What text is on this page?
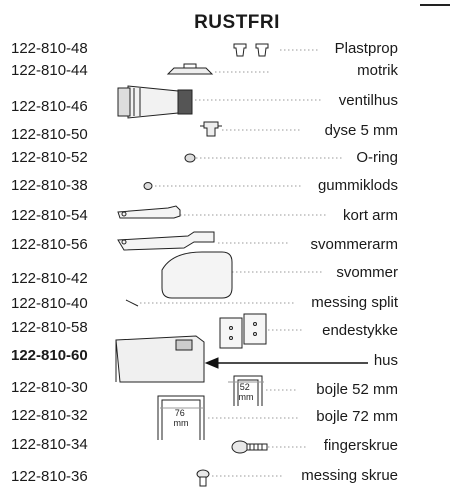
RUSTFRI
122-810-48
122-810-44
122-810-46
122-810-50
122-810-52
122-810-38
122-810-54
122-810-56
122-810-42
122-810-40
122-810-58
122-810-60
122-810-30
122-810-32
122-810-34
122-810-36
Plastprop
motrik
ventilhus
dyse 5 mm
O-ring
gummiklods
kort arm
svommerarm
svommer
messing split
endestykke
hus
bojle 52 mm
bojle 72 mm
fingerskrue
messing skrue
52 mm
76 mm
